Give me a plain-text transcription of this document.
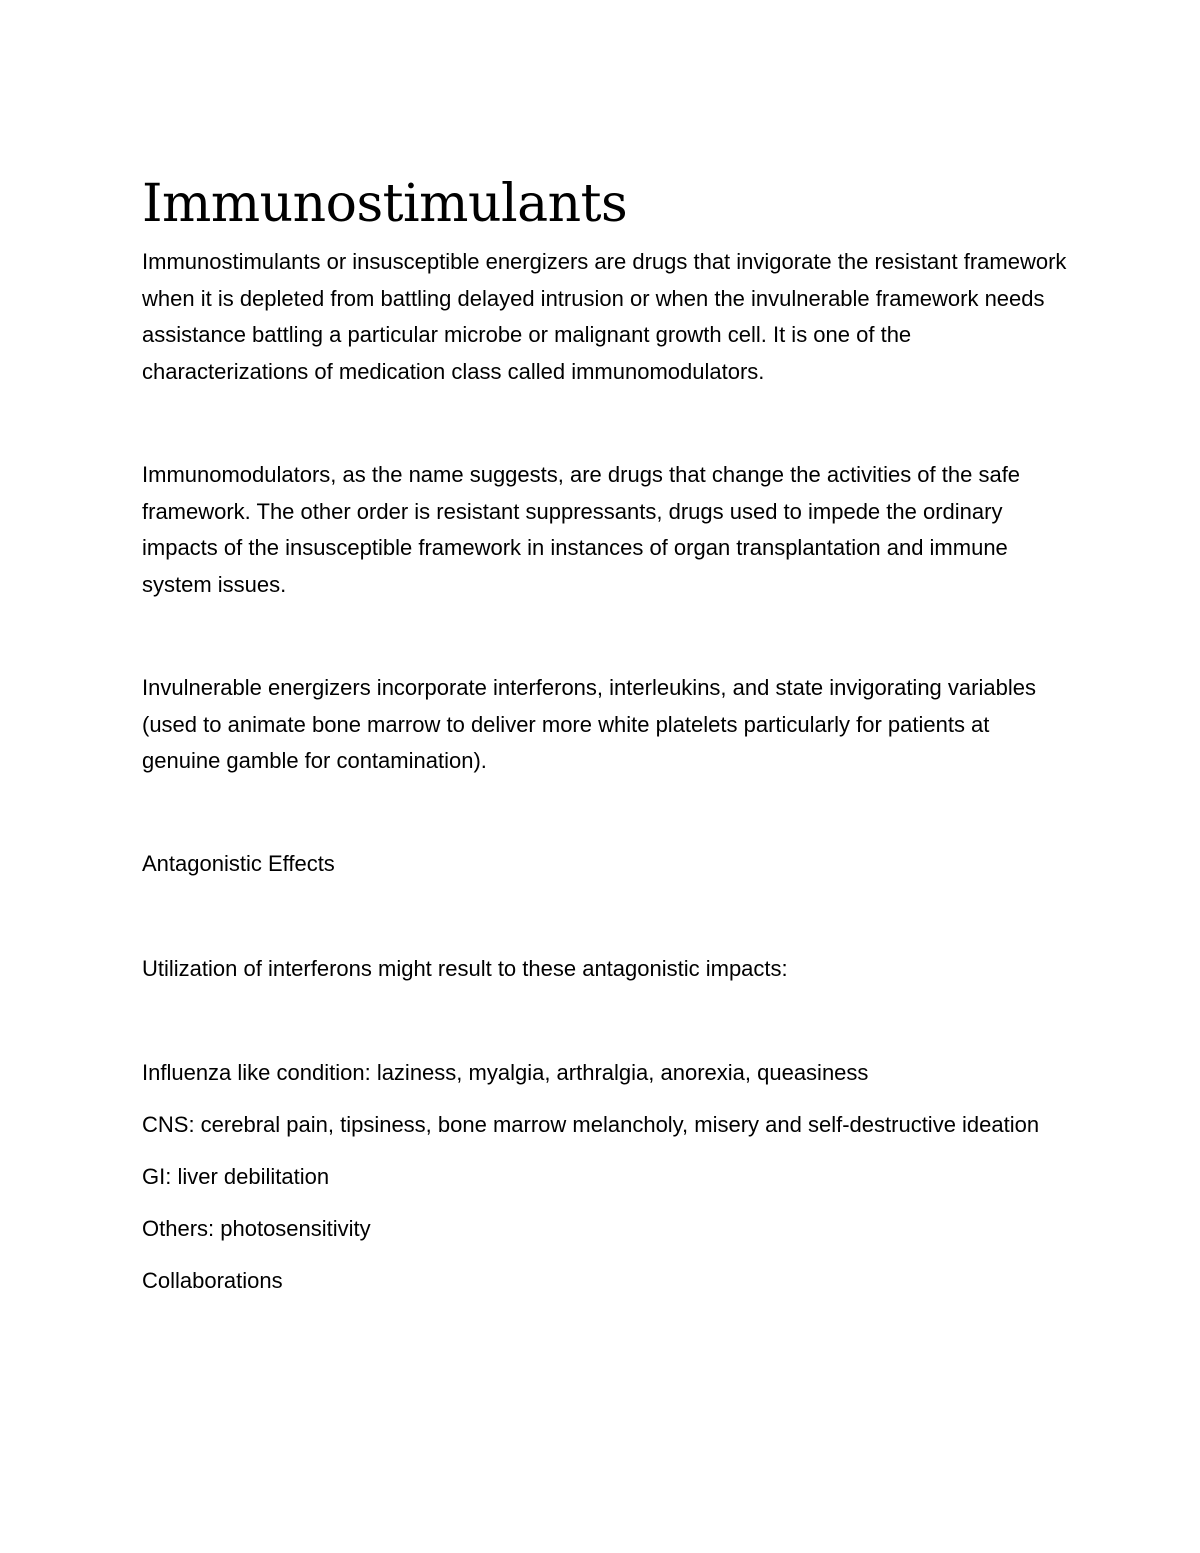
Immunostimulants

Immunostimulants or insusceptible energizers are drugs that invigorate the resistant framework when it is depleted from battling delayed intrusion or when the invulnerable framework needs assistance battling a particular microbe or malignant growth cell. It is one of the characterizations of medication class called immunomodulators.

Immunomodulators, as the name suggests, are drugs that change the activities of the safe framework. The other order is resistant suppressants, drugs used to impede the ordinary impacts of the insusceptible framework in instances of organ transplantation and immune system issues.

Invulnerable energizers incorporate interferons, interleukins, and state invigorating variables (used to animate bone marrow to deliver more white platelets particularly for patients at genuine gamble for contamination).

Antagonistic Effects

Utilization of interferons might result to these antagonistic impacts:

Influenza like condition: laziness, myalgia, arthralgia, anorexia, queasiness

CNS: cerebral pain, tipsiness, bone marrow melancholy, misery and self-destructive ideation

GI: liver debilitation

Others: photosensitivity

Collaborations
